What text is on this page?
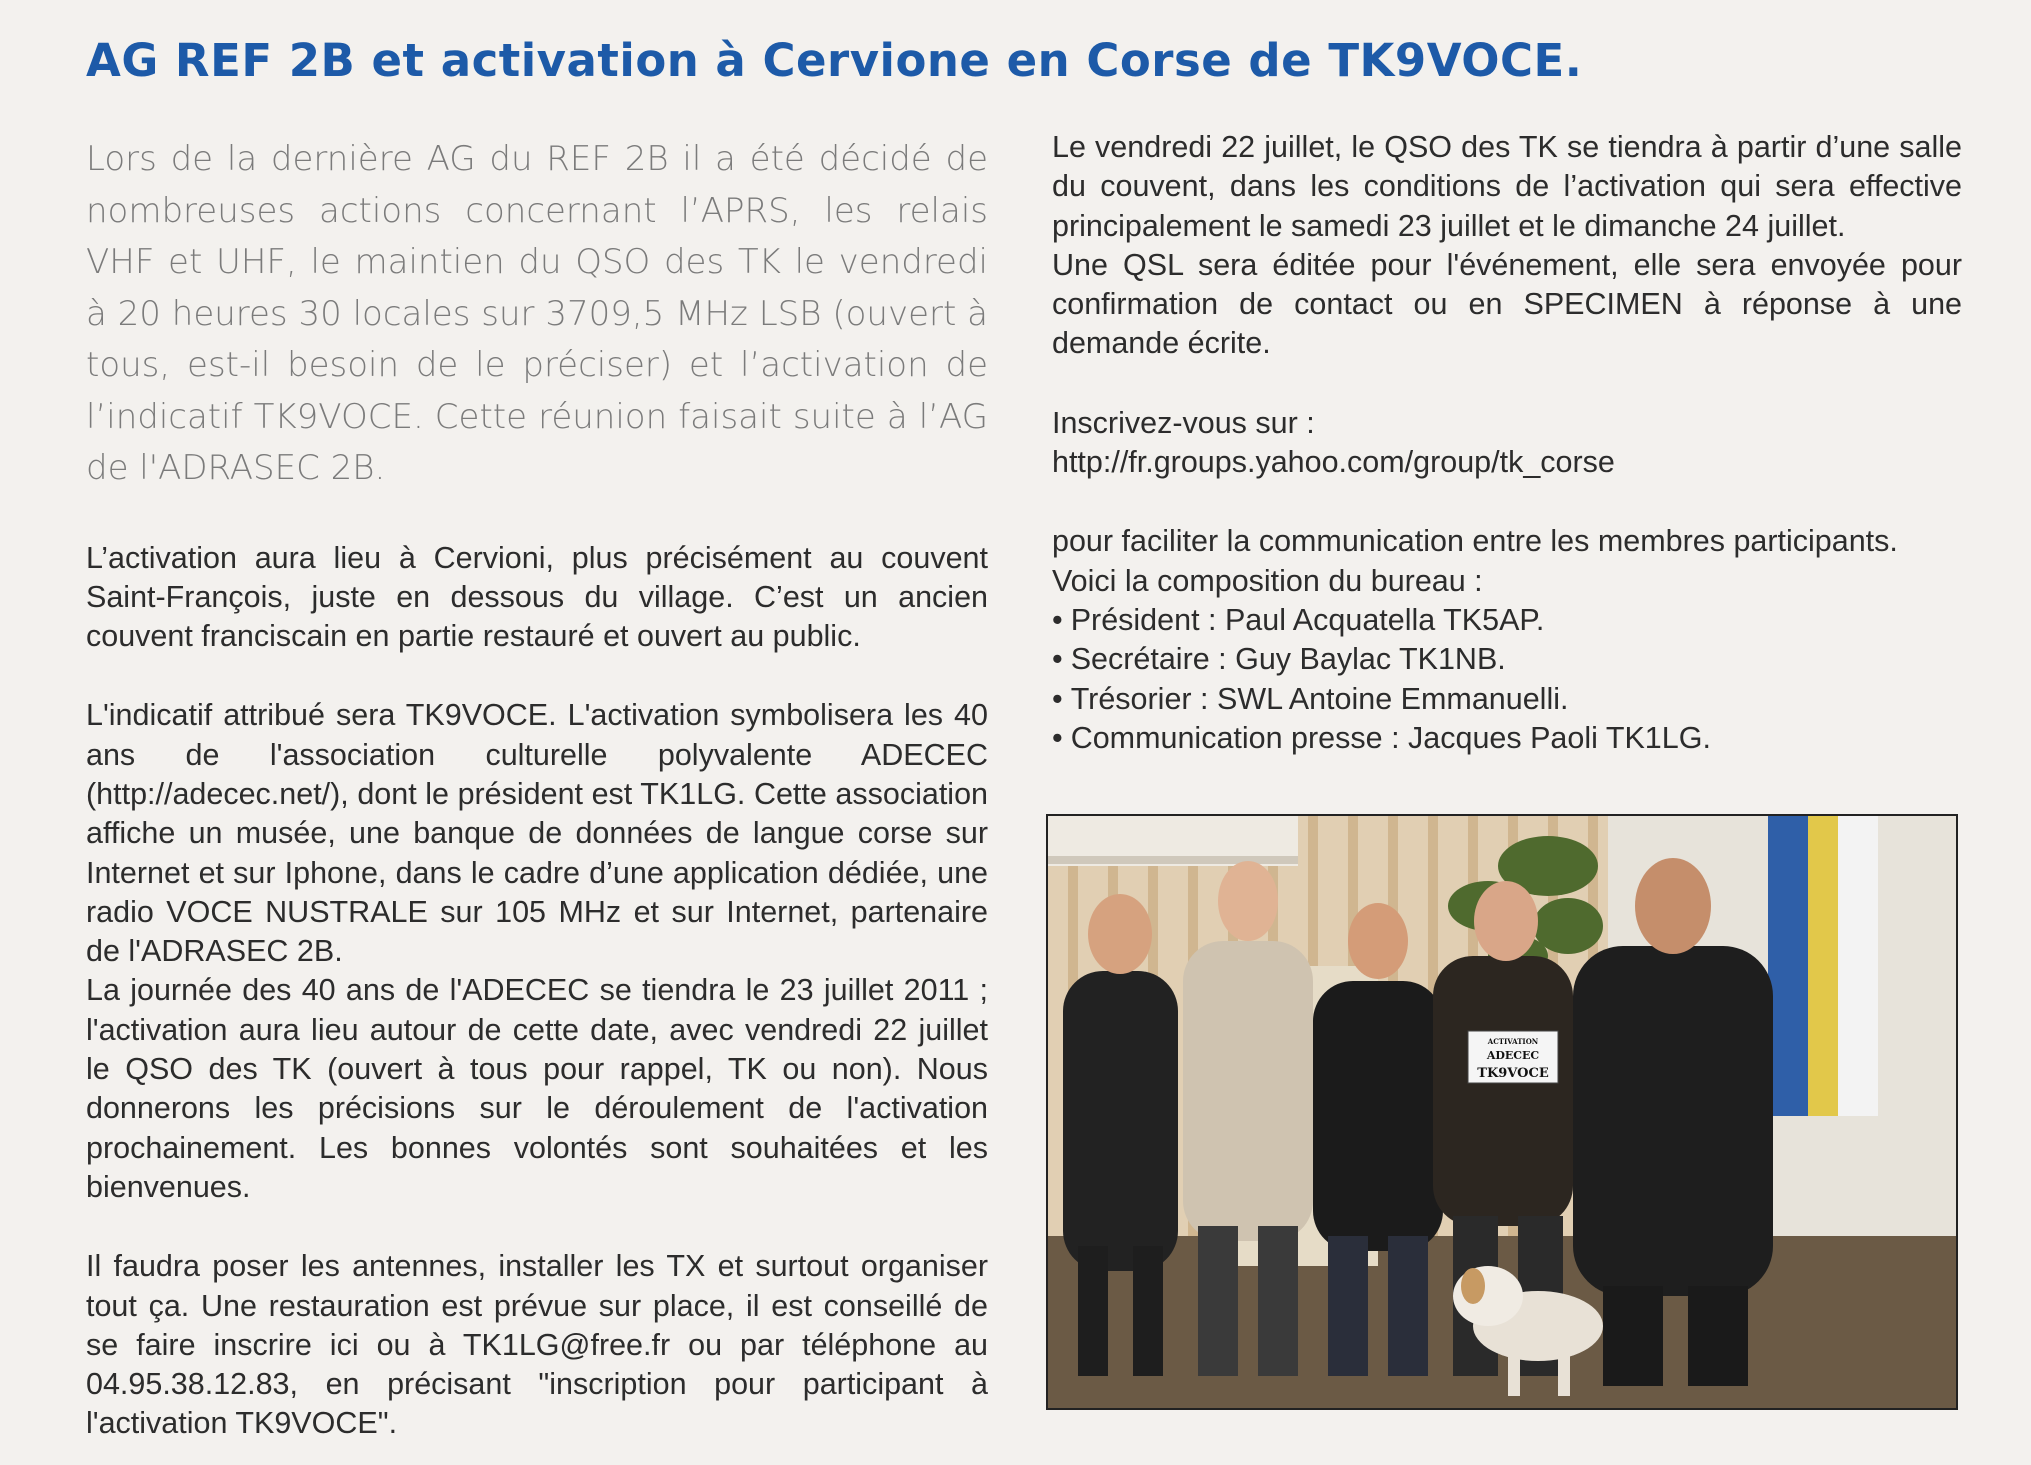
AG REF 2B et activation à Cervione en Corse de TK9VOCE.

Lors de la dernière AG du REF 2B il a été décidé de nombreuses actions concernant l’APRS, les relais VHF et UHF, le maintien du QSO des TK le vendredi à 20 heures 30 locales sur 3709,5 MHz LSB (ouvert à tous, est-il besoin de le préciser) et l’activation de l’indicatif TK9VOCE. Cette réunion faisait suite à l’AG de l'ADRASEC 2B.

L’activation aura lieu à Cervioni, plus précisément au couvent Saint-François, juste en dessous du village. C’est un ancien couvent franciscain en partie restauré et ouvert au public.

L'indicatif attribué sera TK9VOCE. L'activation symbolisera les 40 ans de l'association culturelle polyvalente ADECEC (http://adecec.net/), dont le président est TK1LG. Cette association affiche un musée, une banque de données de langue corse sur Internet et sur Iphone, dans le cadre d’une application dédiée, une radio VOCE NUSTRALE sur 105 MHz et sur Internet, partenaire de l'ADRASEC 2B.

La journée des 40 ans de l'ADECEC se tiendra le 23 juillet 2011 ; l'activation aura lieu autour de cette date, avec vendredi 22 juillet le QSO des TK (ouvert à tous pour rappel, TK ou non). Nous donnerons les précisions sur le déroulement de l'activation prochainement. Les bonnes volontés sont souhaitées et les bienvenues.

Il faudra poser les antennes, installer les TX et surtout organiser tout ça. Une restauration est prévue sur place, il est conseillé de se faire inscrire ici ou à TK1LG@free.fr ou par téléphone au 04.95.38.12.83, en précisant "inscription pour participant à l'activation TK9VOCE".

Le vendredi 22 juillet, le QSO des TK se tiendra à partir d’une salle du couvent, dans les conditions de l’activation qui sera effective principalement le samedi 23 juillet et le dimanche 24 juillet.

Une QSL sera éditée pour l'événement, elle sera envoyée pour confirmation de contact ou en SPECIMEN à réponse à une demande écrite.

Inscrivez-vous sur :

http://fr.groups.yahoo.com/group/tk_corse

pour faciliter la communication entre les membres participants.

Voici la composition du bureau :

• Président : Paul Acquatella TK5AP.
• Secrétaire : Guy Baylac TK1NB.
• Trésorier : SWL Antoine Emmanuelli.
• Communication presse : Jacques Paoli TK1LG.
ACTIVATION
ADECEC
TK9VOCE
